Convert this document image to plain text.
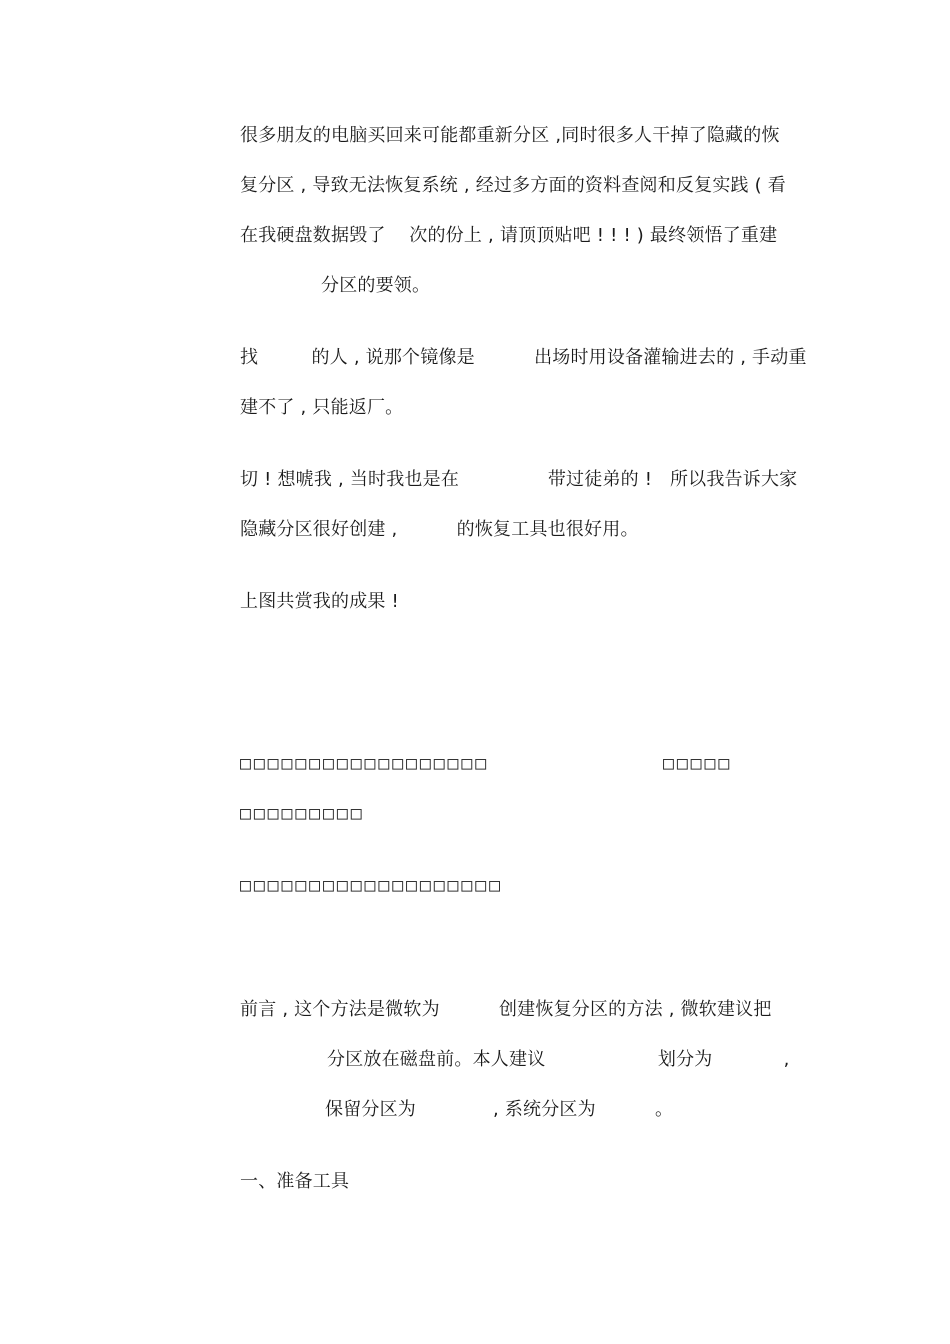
很多朋友的电脑买回来可能都重新分区 ,同时很多人干掉了隐藏的恢
复分区 , 导致无法恢复系统 , 经过多方面的资料查阅和反复实践 ( 看
在我硬盘数据毁了    次的份上 , 请顶顶贴吧 ! ! ! ) 最终领悟了重建
分区的要领。
找         的人 , 说那个镜像是          出场时用设备灌输进去的 , 手动重
建不了 , 只能返厂。
切 ! 想唬我 , 当时我也是在               带过徒弟的 !   所以我告诉大家
隐藏分区很好创建 ,          的恢复工具也很好用。
上图共赏我的成果 !
□□□□□□□□□□□□□□□□□□	□□□□□
□□□□□□□□□
□□□□□□□□□□□□□□□□□□□
前言 , 这个方法是微软为          创建恢复分区的方法 , 微软建议把
分区放在磁盘前。本人建议                   划分为            ,
保留分区为             , 系统分区为          。
一、准备工具
